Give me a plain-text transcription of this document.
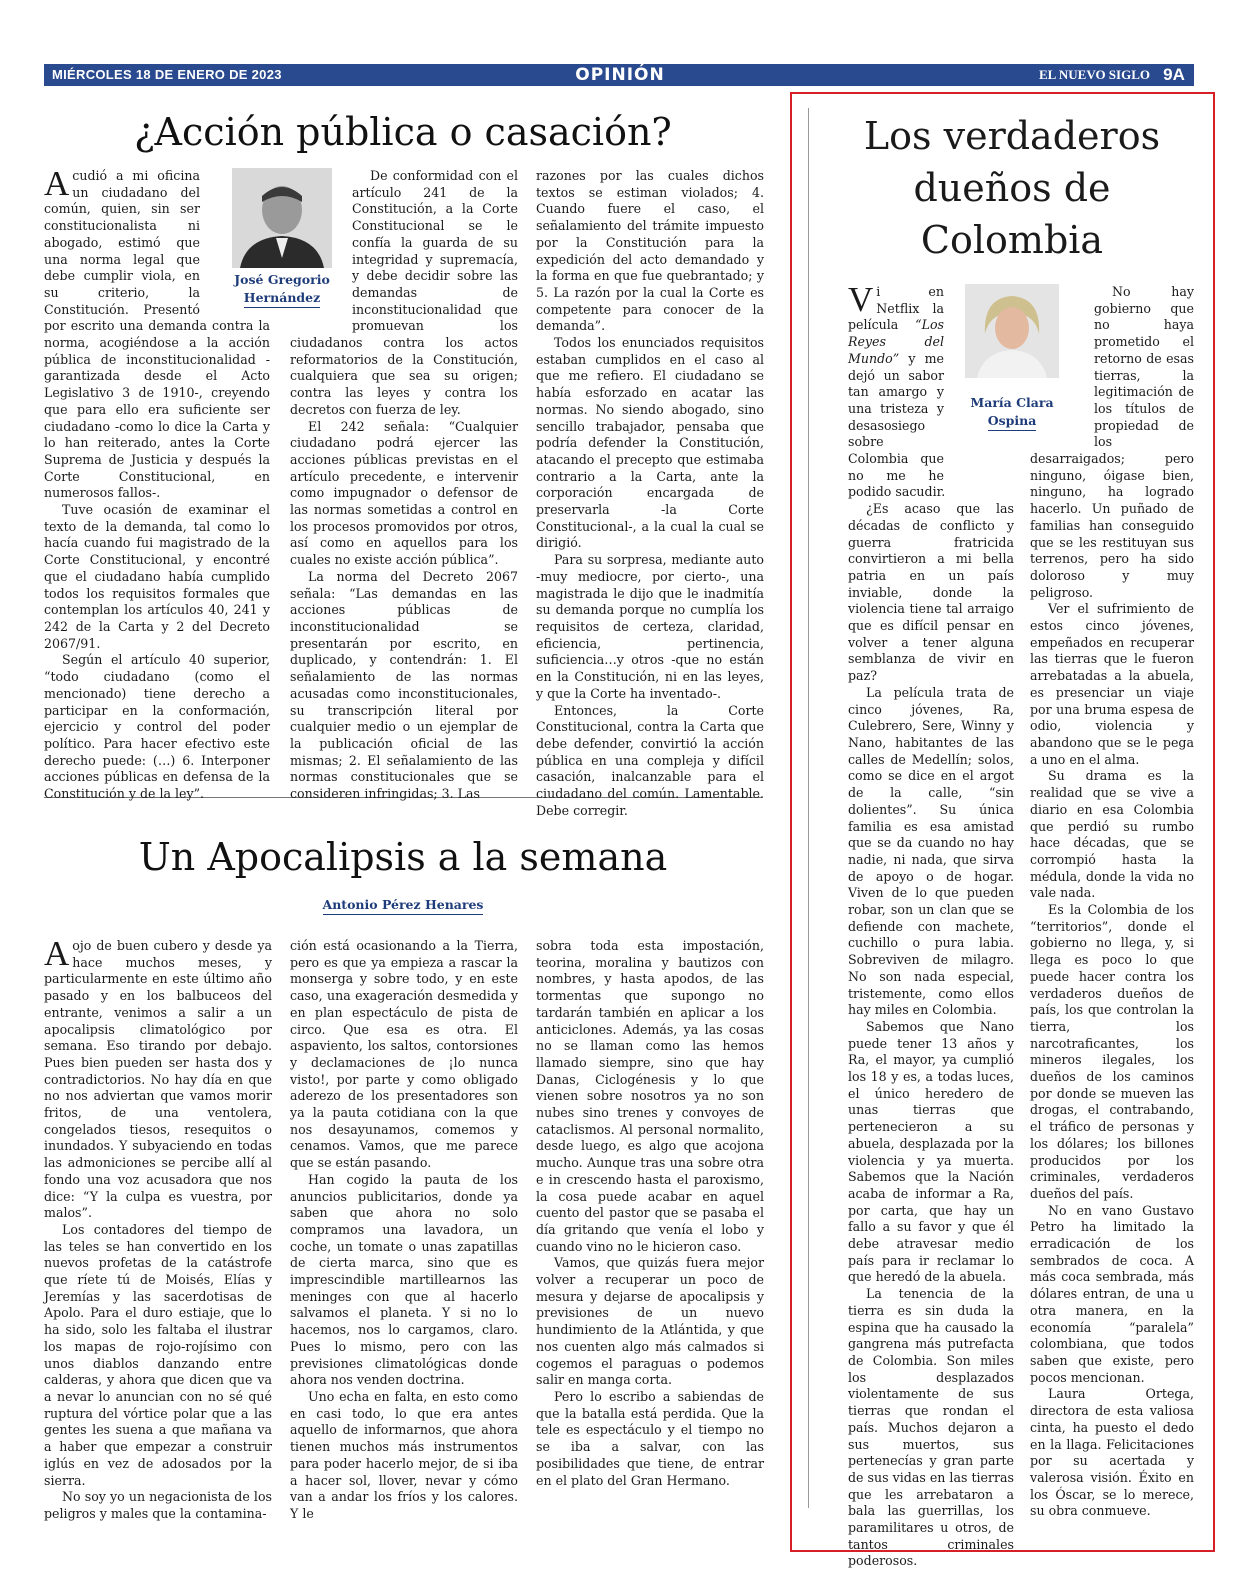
MIÉRCOLES 18 DE ENERO DE 2023	OPINIÓN	EL NUEVO SIGLO 9A
¿Acción pública o casación?
José Gregorio
Hernández

Acudió a mi oficina un ciudadano del común, quien, sin ser constitucionalista ni abogado, estimó que una norma legal que debe cumplir viola, en su criterio, la Constitución. Presentó por escrito una demanda contra la norma, acogiéndose a la acción pública de inconstitucionalidad -garantizada desde el Acto Legislativo 3 de 1910-, creyendo que para ello era suficiente ser ciudadano -como lo dice la Carta y lo han reiterado, antes la Corte Suprema de Justicia y después la Corte Constitucional, en numerosos fallos-.

Tuve ocasión de examinar el texto de la demanda, tal como lo hacía cuando fui magistrado de la Corte Constitucional, y encontré que el ciudadano había cumplido todos los requisitos formales que contemplan los artículos 40, 241 y 242 de la Carta y 2 del Decreto 2067/91.

Según el artículo 40 superior, “todo ciudadano (como el mencionado) tiene derecho a participar en la conformación, ejercicio y control del poder político. Para hacer efectivo este derecho puede: (…) 6. Interponer acciones públicas en defensa de la Constitución y de la ley”.

De conformidad con el artículo 241 de la Constitución, a la Corte Constitucional se le confía la guarda de su integridad y supremacía, y debe decidir sobre las demandas de inconstitucionalidad que promuevan los ciudadanos contra los actos reformatorios de la Constitución, cualquiera que sea su origen; contra las leyes y contra los decretos con fuerza de ley.

El 242 señala: “Cualquier ciudadano podrá ejercer las acciones públicas previstas en el artículo precedente, e intervenir como impugnador o defensor de las normas sometidas a control en los procesos promovidos por otros, así como en aquellos para los cuales no existe acción pública”.

La norma del Decreto 2067 señala: “Las demandas en las acciones públicas de inconstitucionalidad se presentarán por escrito, en duplicado, y contendrán: 1. El señalamiento de las normas acusadas como inconstitucionales, su transcripción literal por cualquier medio o un ejemplar de la publicación oficial de las mismas; 2. El señalamiento de las normas constitucionales que se consideren infringidas; 3. Las

razones por las cuales dichos textos se estiman violados; 4. Cuando fuere el caso, el señalamiento del trámite impuesto por la Constitución para la expedición del acto demandado y la forma en que fue quebrantado; y 5. La razón por la cual la Corte es competente para conocer de la demanda”.

Todos los enunciados requisitos estaban cumplidos en el caso al que me refiero. El ciudadano se había esforzado en acatar las normas. No siendo abogado, sino sencillo trabajador, pensaba que podría defender la Constitución, atacando el precepto que estimaba contrario a la Carta, ante la corporación encargada de preservarla -la Corte Constitucional-, a la cual la cual se dirigió.

Para su sorpresa, mediante auto -muy mediocre, por cierto-, una magistrada le dijo que le inadmitía su demanda porque no cumplía los requisitos de certeza, claridad, eficiencia, pertinencia, suficiencia…y otros -que no están en la Constitución, ni en las leyes, y que la Corte ha inventado-.

Entonces, la Corte Constitucional, contra la Carta que debe defender, convirtió la acción pública en una compleja y difícil casación, inalcanzable para el ciudadano del común. Lamentable. Debe corregir.

Un Apocalipsis a la semana
Antonio Pérez Henares

Aojo de buen cubero y desde ya hace muchos meses, y particularmente en este último año pasado y en los balbuceos del entrante, venimos a salir a un apocalipsis climatológico por semana. Eso tirando por debajo. Pues bien pueden ser hasta dos y contradictorios. No hay día en que no nos adviertan que vamos morir fritos, de una ventolera, congelados tiesos, resequitos o inundados. Y subyaciendo en todas las admoniciones se percibe allí al fondo una voz acusadora que nos dice: “Y la culpa es vuestra, por malos”.

Los contadores del tiempo de las teles se han convertido en los nuevos profetas de la catástrofe que ríete tú de Moisés, Elías y Jeremías y las sacerdotisas de Apolo. Para el duro estiaje, que lo ha sido, solo les faltaba el ilustrar los mapas de rojo-rojísimo con unos diablos danzando entre calderas, y ahora que dicen que va a nevar lo anuncian con no sé qué ruptura del vórtice polar que a las gentes les suena a que mañana va a haber que empezar a construir iglús en vez de adosados por la sierra.

No soy yo un negacionista de los peligros y males que la contamina-

ción está ocasionando a la Tierra, pero es que ya empieza a rascar la monserga y sobre todo, y en este caso, una exageración desmedida y en plan espectáculo de pista de circo. Que esa es otra. El aspaviento, los saltos, contorsiones y declamaciones de ¡lo nunca visto!, por parte y como obligado aderezo de los presentadores son ya la pauta cotidiana con la que nos desayunamos, comemos y cenamos. Vamos, que me parece que se están pasando.

Han cogido la pauta de los anuncios publicitarios, donde ya saben que ahora no solo compramos una lavadora, un coche, un tomate o unas zapatillas de cierta marca, sino que es imprescindible martillearnos las meninges con que al hacerlo salvamos el planeta. Y si no lo hacemos, nos lo cargamos, claro. Pues lo mismo, pero con las previsiones climatológicas donde ahora nos venden doctrina.

Uno echa en falta, en esto como en casi todo, lo que era antes aquello de informarnos, que ahora tienen muchos más instrumentos para poder hacerlo mejor, de si iba a hacer sol, llover, nevar y cómo van a andar los fríos y los calores. Y le

sobra toda esta impostación, teorina, moralina y bautizos con nombres, y hasta apodos, de las tormentas que supongo no tardarán también en aplicar a los anticiclones. Además, ya las cosas no se llaman como las hemos llamado siempre, sino que hay Danas, Ciclogénesis y lo que vienen sobre nosotros ya no son nubes sino trenes y convoyes de cataclismos. Al personal normalito, desde luego, es algo que acojona mucho. Aunque tras una sobre otra e in crescendo hasta el paroxismo, la cosa puede acabar en aquel cuento del pastor que se pasaba el día gritando que venía el lobo y cuando vino no le hicieron caso.

Vamos, que quizás fuera mejor volver a recuperar un poco de mesura y dejarse de apocalipsis y previsiones de un nuevo hundimiento de la Atlántida, y que nos cuenten algo más calmados si cogemos el paraguas o podemos salir en manga corta.

Pero lo escribo a sabiendas de que la batalla está perdida. Que la tele es espectáculo y el tiempo no se iba a salvar, con las posibilidades que tiene, de entrar en el plato del Gran Hermano.

Los verdaderos
dueños de
Colombia
María Clara
Ospina

Vi en Netflix la película “Los Reyes del Mundo” y me dejó un sabor tan amargo y una tristeza y desasosiego sobre Colombia que no me he podido sacudir.

¿Es acaso que las décadas de conflicto y guerra fratricida convirtieron a mi bella patria en un país inviable, donde la violencia tiene tal arraigo que es difícil pensar en volver a tener alguna semblanza de vivir en paz?

La película trata de cinco jóvenes, Ra, Culebrero, Sere, Winny y Nano, habitantes de las calles de Medellín; solos, como se dice en el argot de la calle, “sin dolientes”. Su única familia es esa amistad que se da cuando no hay nadie, ni nada, que sirva de apoyo o de hogar. Viven de lo que pueden robar, son un clan que se defiende con machete, cuchillo o pura labia. Sobreviven de milagro. No son nada especial, tristemente, como ellos hay miles en Colombia.

Sabemos que Nano puede tener 13 años y Ra, el mayor, ya cumplió los 18 y es, a todas luces, el único heredero de unas tierras que pertenecieron a su abuela, desplazada por la violencia y ya muerta. Sabemos que la Nación acaba de informar a Ra, por carta, que hay un fallo a su favor y que él debe atravesar medio país para ir reclamar lo que heredó de la abuela.

La tenencia de la tierra es sin duda la espina que ha causado la gangrena más putrefacta de Colombia. Son miles los desplazados violentamente de sus tierras que rondan el país. Muchos dejaron a sus muertos, sus pertenecías y gran parte de sus vidas en las tierras que les arrebataron a bala las guerrillas, los paramilitares u otros, de tantos criminales poderosos.

No hay gobierno que no haya prometido el retorno de esas tierras, la legitimación de los títulos de propiedad de los desarraigados; pero ninguno, óigase bien, ninguno, ha logrado hacerlo. Un puñado de familias han conseguido que se les restituyan sus terrenos, pero ha sido doloroso y muy peligroso.

Ver el sufrimiento de estos cinco jóvenes, empeñados en recuperar las tierras que le fueron arrebatadas a la abuela, es presenciar un viaje por una bruma espesa de odio, violencia y abandono que se le pega a uno en el alma.

Su drama es la realidad que se vive a diario en esa Colombia que perdió su rumbo hace décadas, que se corrompió hasta la médula, donde la vida no vale nada.

Es la Colombia de los “territorios”, donde el gobierno no llega, y, si llega es poco lo que puede hacer contra los verdaderos dueños de país, los que controlan la tierra, los narcotraficantes, los mineros ilegales, los dueños de los caminos por donde se mueven las drogas, el contrabando, el tráfico de personas y los dólares; los billones producidos por los criminales, verdaderos dueños del país.

No en vano Gustavo Petro ha limitado la erradicación de los sembrados de coca. A más coca sembrada, más dólares entran, de una u otra manera, en la economía “paralela” colombiana, que todos saben que existe, pero pocos mencionan.

Laura Ortega, directora de esta valiosa cinta, ha puesto el dedo en la llaga. Felicitaciones por su acertada y valerosa visión. Éxito en los Óscar, se lo merece, su obra conmueve.
